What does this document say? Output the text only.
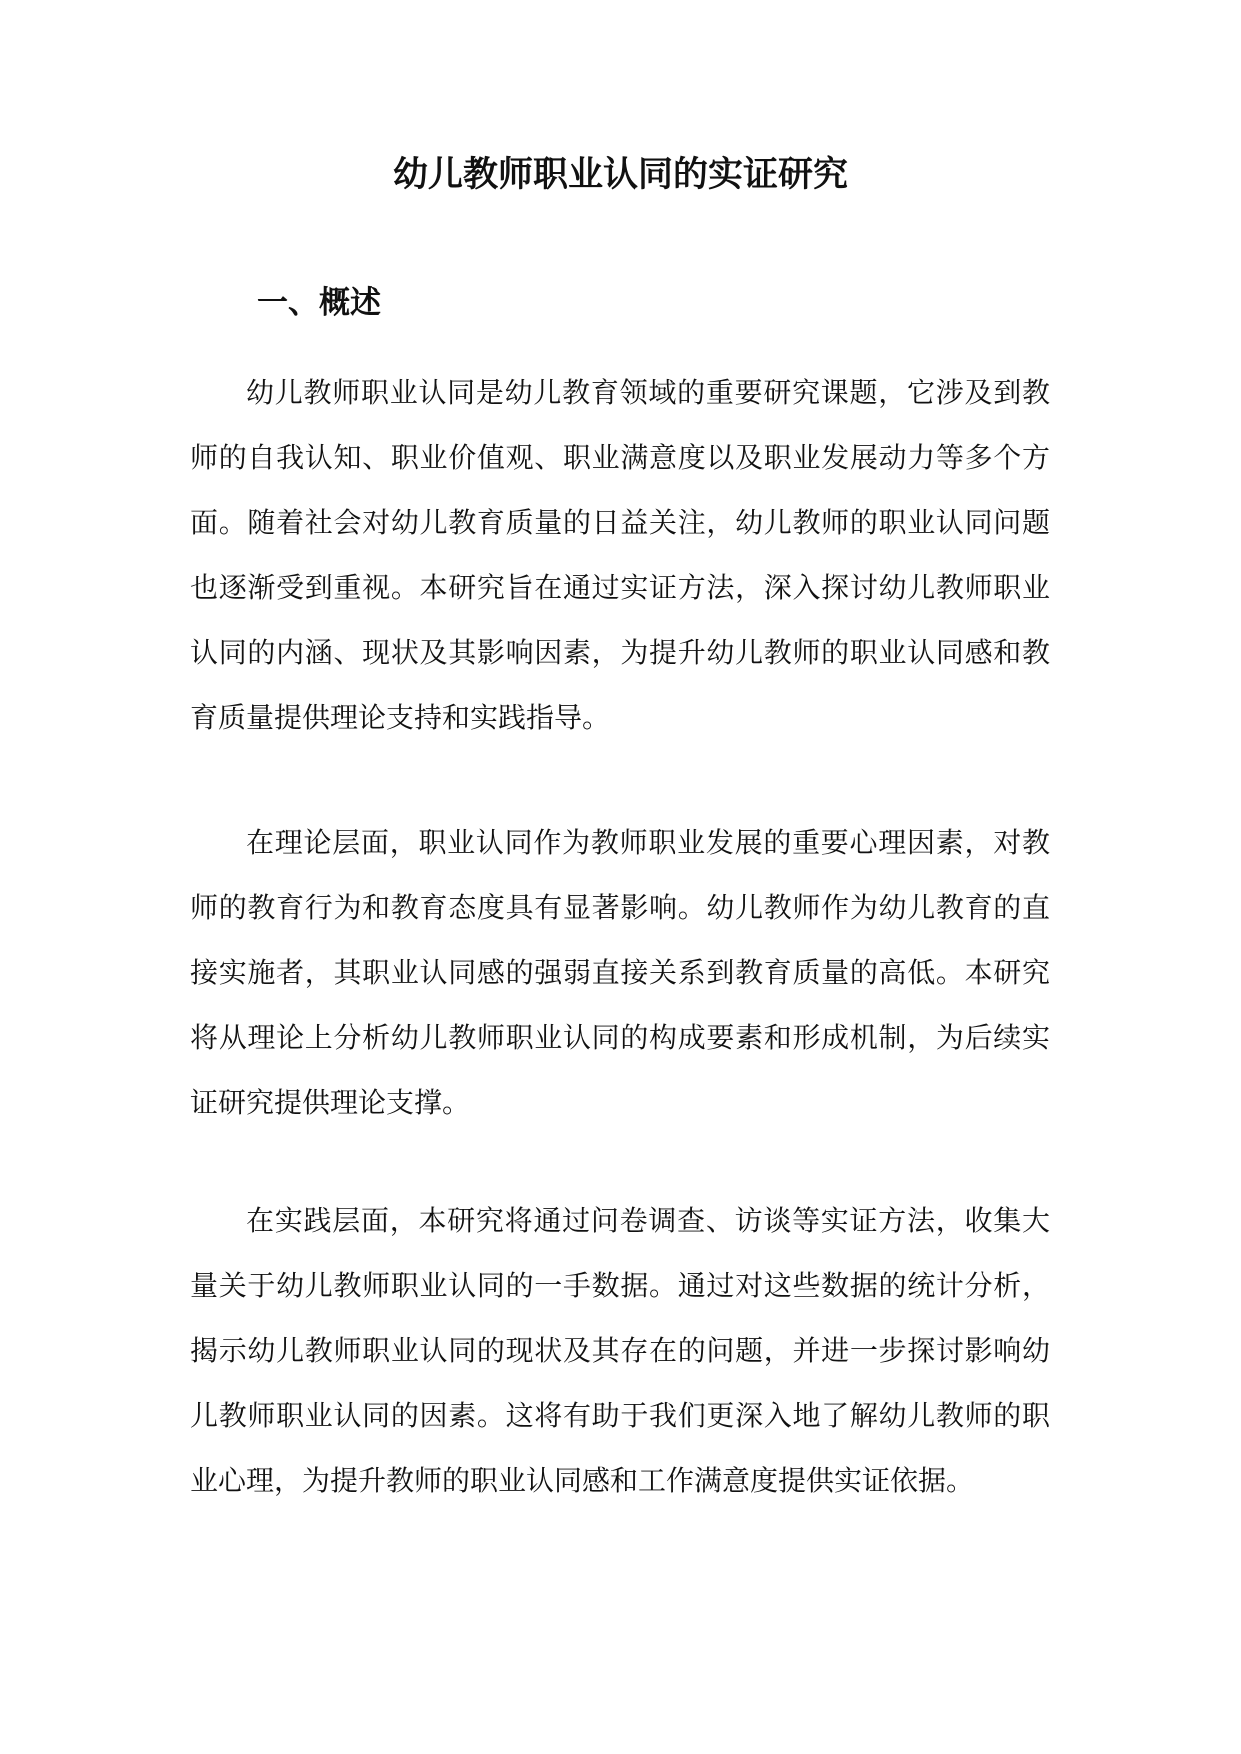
幼儿教师职业认同的实证研究
一、概述

幼儿教师职业认同是幼儿教育领域的重要研究课题，它涉及到教师的自我认知、职业价值观、职业满意度以及职业发展动力等多个方面。随着社会对幼儿教育质量的日益关注，幼儿教师的职业认同问题也逐渐受到重视。本研究旨在通过实证方法，深入探讨幼儿教师职业认同的内涵、现状及其影响因素，为提升幼儿教师的职业认同感和教育质量提供理论支持和实践指导。

在理论层面，职业认同作为教师职业发展的重要心理因素，对教师的教育行为和教育态度具有显著影响。幼儿教师作为幼儿教育的直接实施者，其职业认同感的强弱直接关系到教育质量的高低。本研究将从理论上分析幼儿教师职业认同的构成要素和形成机制，为后续实证研究提供理论支撑。

在实践层面，本研究将通过问卷调查、访谈等实证方法，收集大量关于幼儿教师职业认同的一手数据。通过对这些数据的统计分析，揭示幼儿教师职业认同的现状及其存在的问题，并进一步探讨影响幼儿教师职业认同的因素。这将有助于我们更深入地了解幼儿教师的职业心理，为提升教师的职业认同感和工作满意度提供实证依据。
